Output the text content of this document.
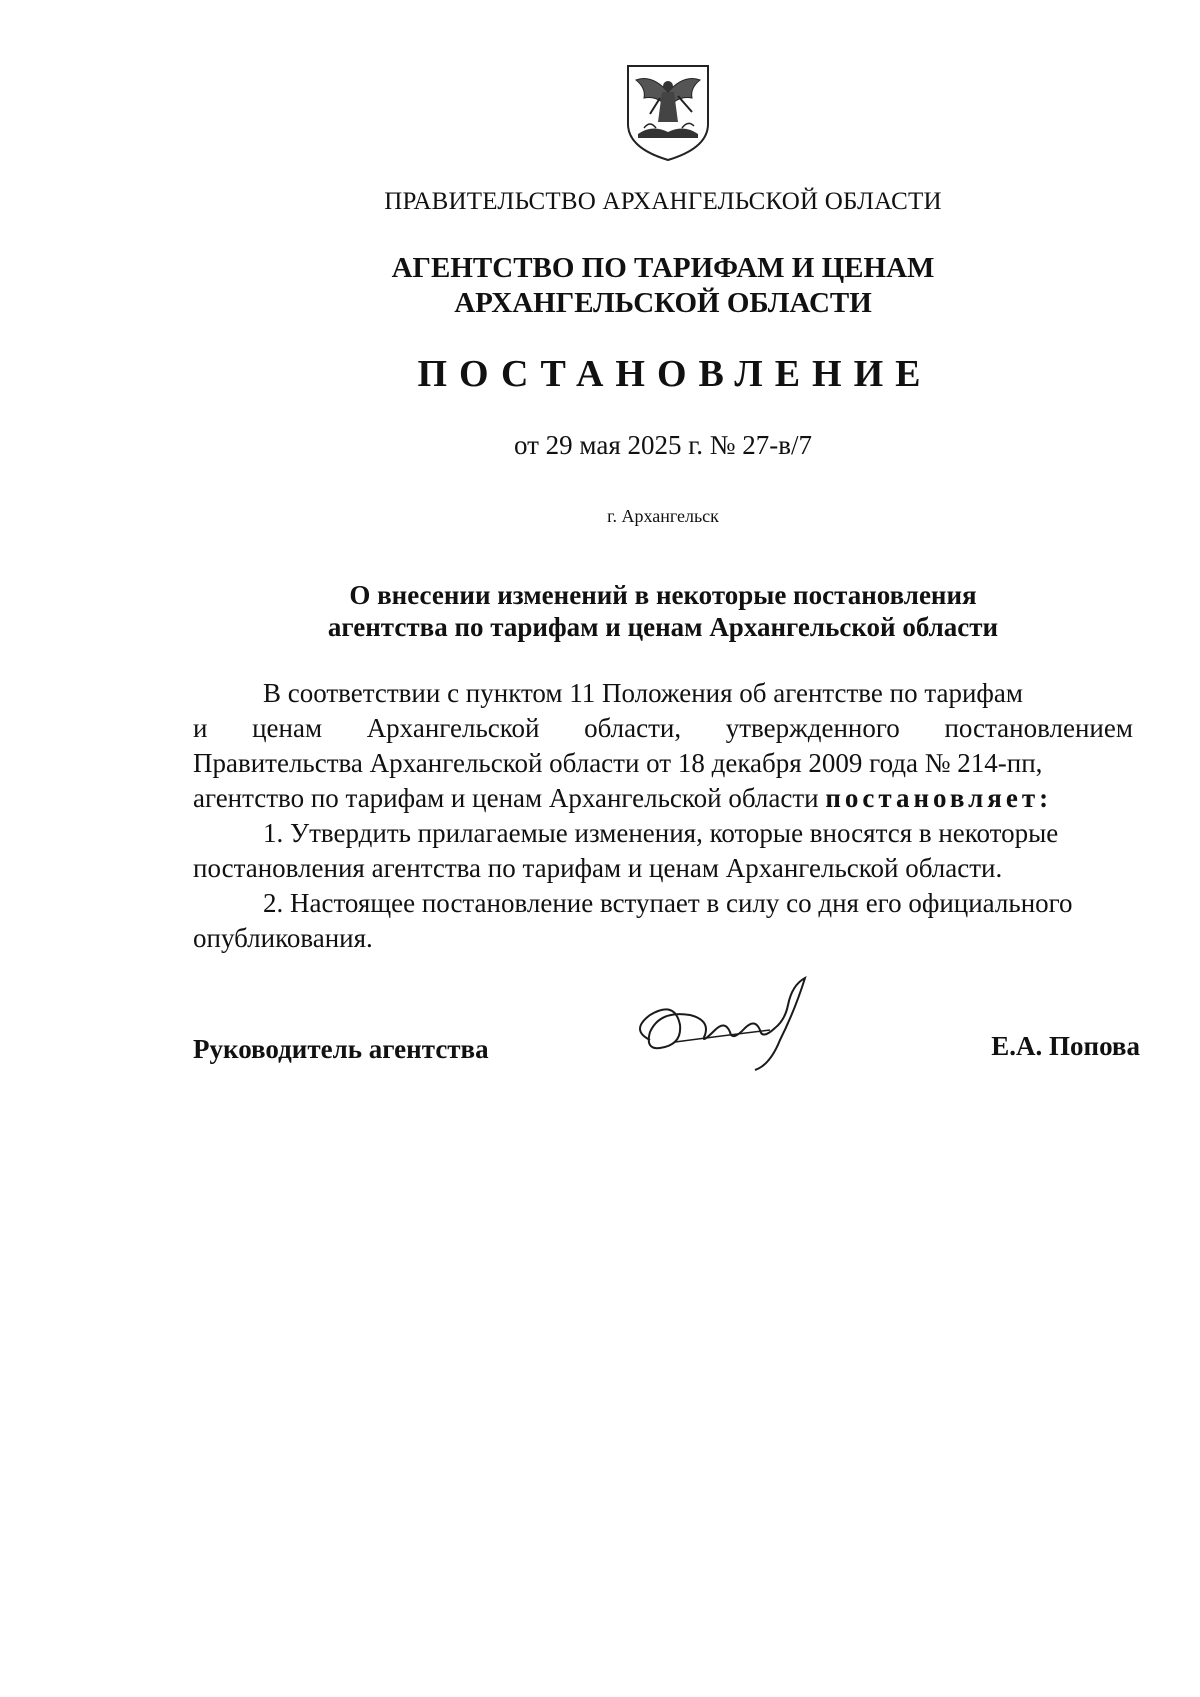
ПРАВИТЕЛЬСТВО АРХАНГЕЛЬСКОЙ ОБЛАСТИ
АГЕНТСТВО ПО ТАРИФАМ И ЦЕНАМ
АРХАНГЕЛЬСКОЙ ОБЛАСТИ
ПОСТАНОВЛЕНИЕ
от 29 мая 2025 г. № 27-в/7
г. Архангельск
О внесении изменений в некоторые постановления
агентства по тарифам и ценам Архангельской области
В соответствии с пунктом 11 Положения об агентстве по тарифам
и ценам Архангельской области, утвержденного постановлением
Правительства Архангельской области от 18 декабря 2009 года № 214-пп,
агентство по тарифам и ценам Архангельской области постановляет:
1. Утвердить прилагаемые изменения, которые вносятся в некоторые
постановления агентства по тарифам и ценам Архангельской области.
2. Настоящее постановление вступает в силу со дня его официального
опубликования.
Руководитель агентства	Е.А. Попова
